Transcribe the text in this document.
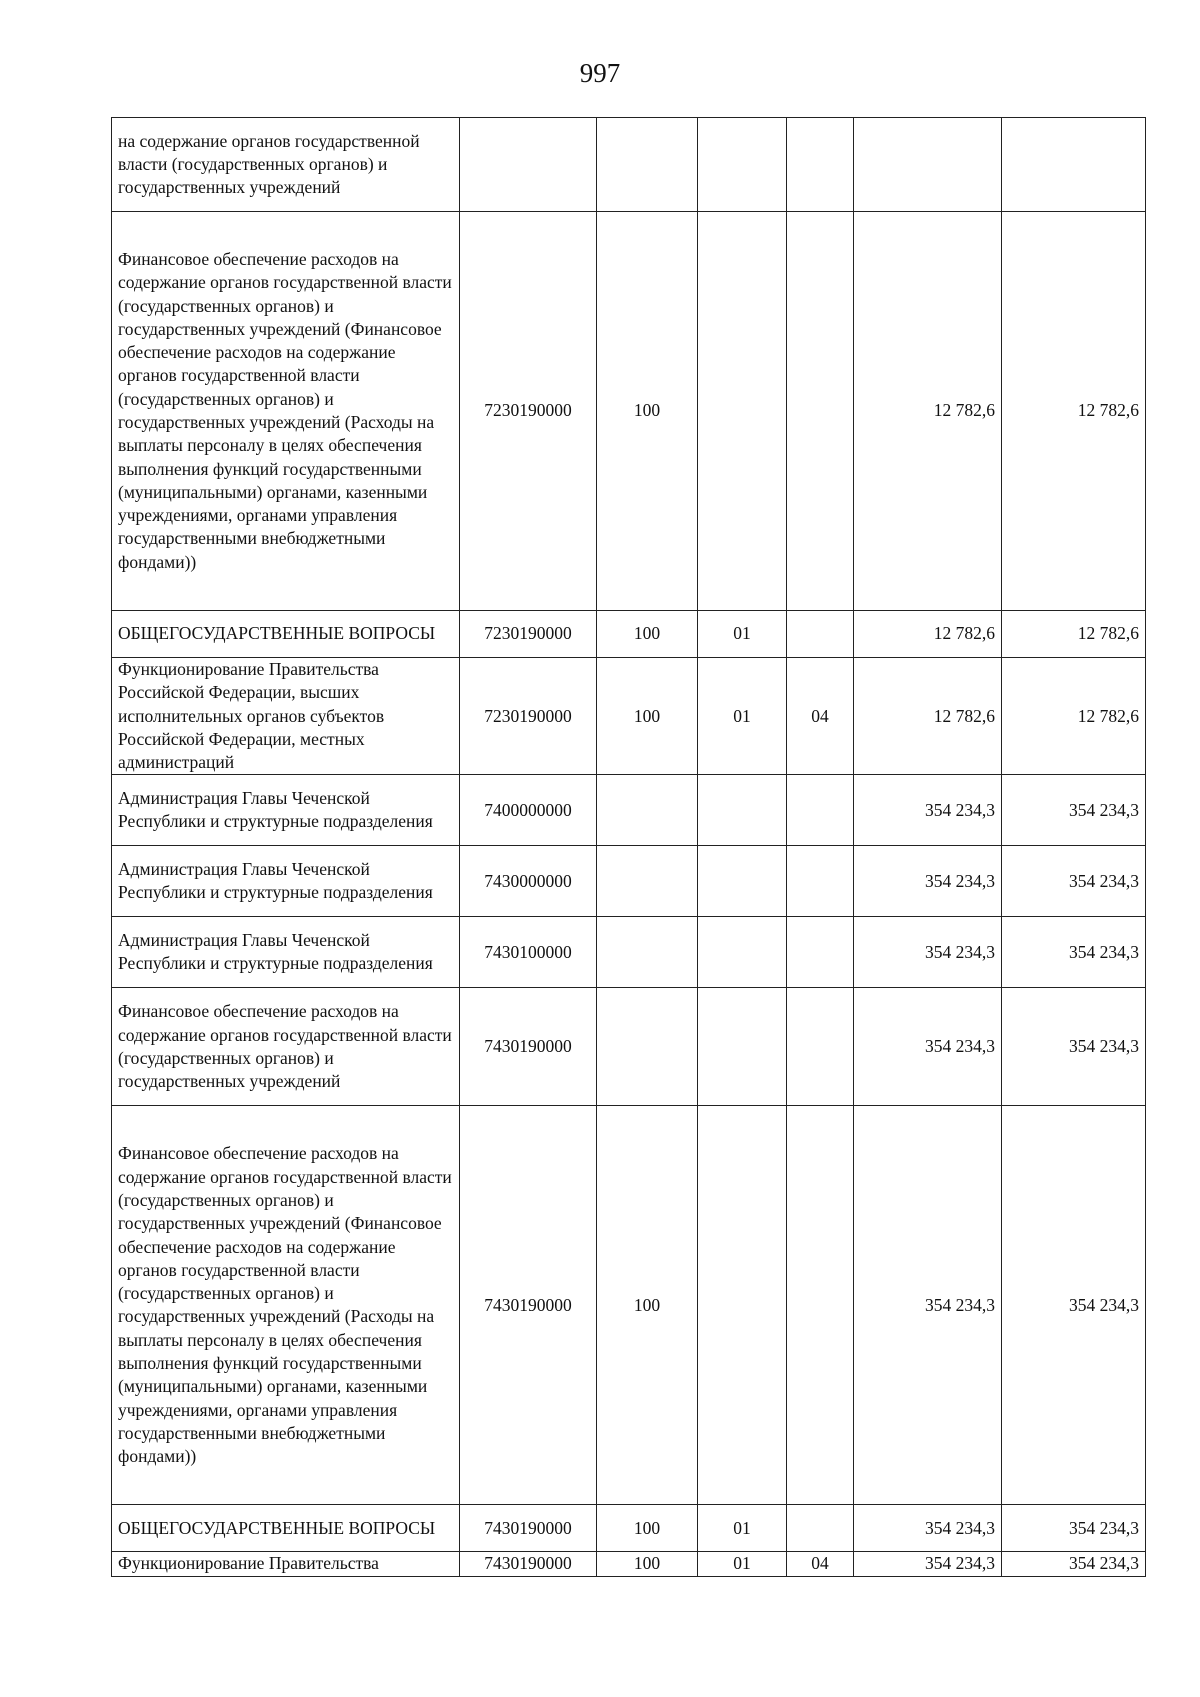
997
на содержание органов государственной власти (государственных органов) и государственных учреждений						
Финансовое обеспечение расходов на содержание органов государственной власти (государственных органов) и государственных учреждений (Финансовое обеспечение расходов на содержание органов государственной власти (государственных органов) и государственных учреждений (Расходы на выплаты персоналу в целях обеспечения выполнения функций государственными (муниципальными) органами, казенными учреждениями, органами управления государственными внебюджетными фондами))	7230190000	100			12 782,6	12 782,6
ОБЩЕГОСУДАРСТВЕННЫЕ ВОПРОСЫ	7230190000	100	01		12 782,6	12 782,6
Функционирование Правительства Российской Федерации, высших исполнительных органов субъектов Российской Федерации, местных администраций	7230190000	100	01	04	12 782,6	12 782,6
Администрация Главы Чеченской Республики и структурные подразделения	7400000000				354 234,3	354 234,3
Администрация Главы Чеченской Республики и структурные подразделения	7430000000				354 234,3	354 234,3
Администрация Главы Чеченской Республики и структурные подразделения	7430100000				354 234,3	354 234,3
Финансовое обеспечение расходов на содержание органов государственной власти (государственных органов) и государственных учреждений	7430190000				354 234,3	354 234,3
Финансовое обеспечение расходов на содержание органов государственной власти (государственных органов) и государственных учреждений (Финансовое обеспечение расходов на содержание органов государственной власти (государственных органов) и государственных учреждений (Расходы на выплаты персоналу в целях обеспечения выполнения функций государственными (муниципальными) органами, казенными учреждениями, органами управления государственными внебюджетными фондами))	7430190000	100			354 234,3	354 234,3
ОБЩЕГОСУДАРСТВЕННЫЕ ВОПРОСЫ	7430190000	100	01		354 234,3	354 234,3
Функционирование Правительства	7430190000	100	01	04	354 234,3	354 234,3
